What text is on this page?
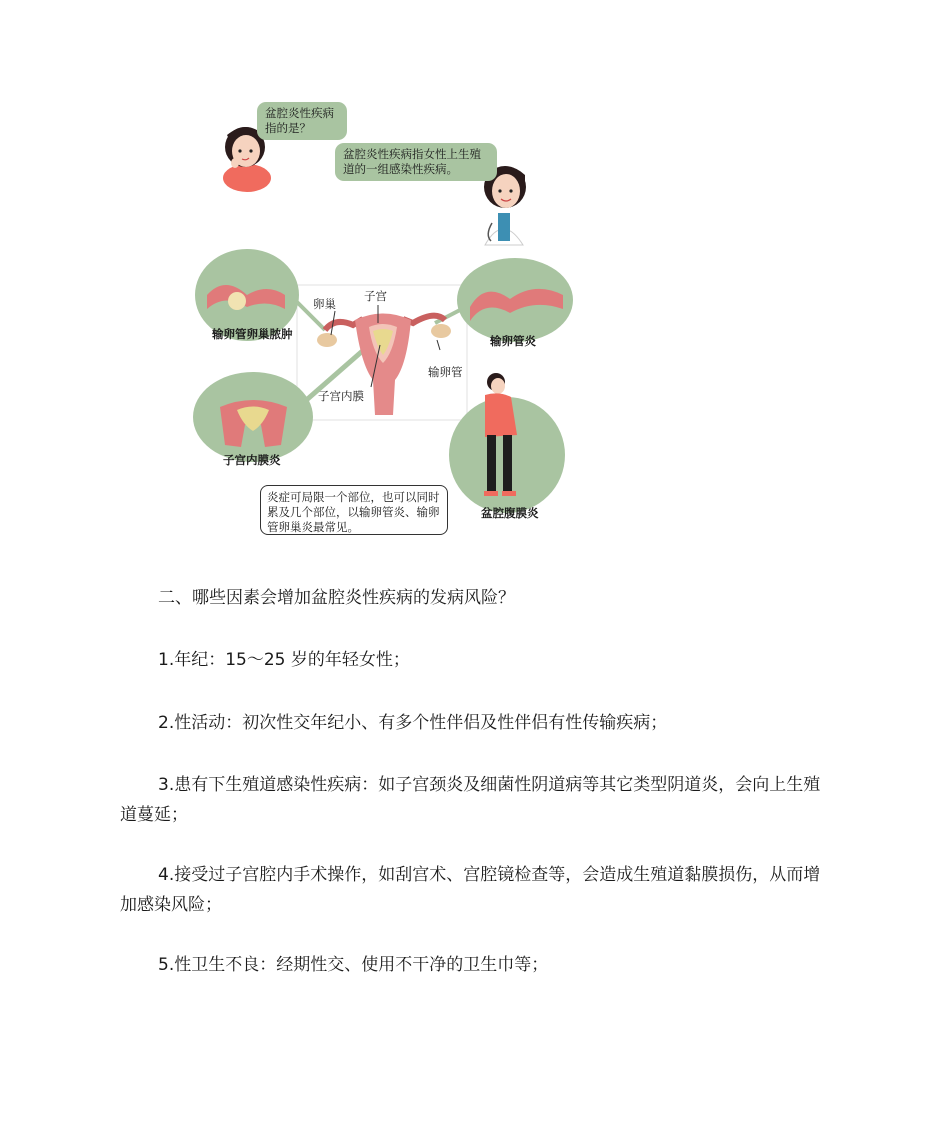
盆腔炎性疾病指的是？
盆腔炎性疾病指女性上生殖道的一组感染性疾病。
卵巢
子宫
输卵管卵巢脓肿	输卵管炎
输卵管
子宫内膜
子宫内膜炎
盆腔腹膜炎
炎症可局限一个部位，也可以同时累及几个部位，以输卵管炎、输卵管卵巢炎最常见。

二、哪些因素会增加盆腔炎性疾病的发病风险？

1.年纪：15～25 岁的年轻女性；

2.性活动：初次性交年纪小、有多个性伴侣及性伴侣有性传输疾病；

3.患有下生殖道感染性疾病：如子宫颈炎及细菌性阴道病等其它类型阴道炎，会向上生殖道蔓延；

4.接受过子宫腔内手术操作，如刮宫术、宫腔镜检查等，会造成生殖道黏膜损伤，从而增加感染风险；

5.性卫生不良：经期性交、使用不干净的卫生巾等；
